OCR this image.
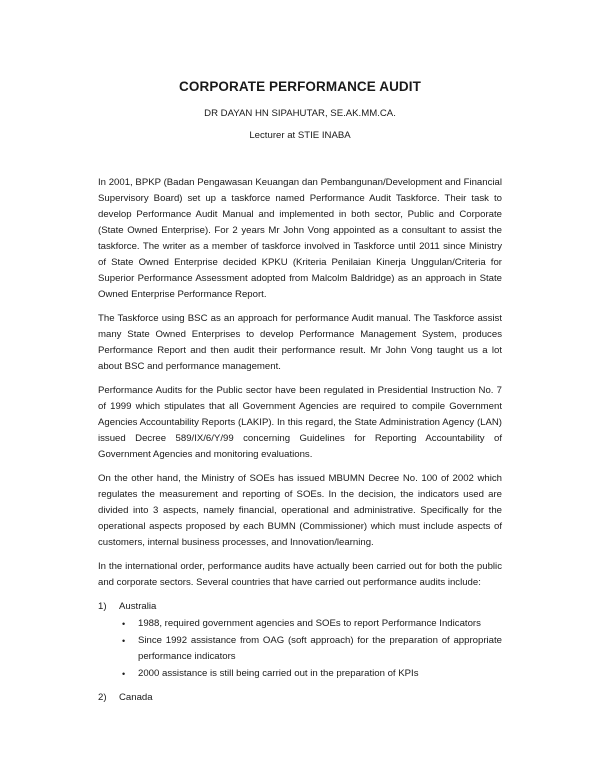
CORPORATE PERFORMANCE AUDIT
DR DAYAN HN SIPAHUTAR, SE.AK.MM.CA.
Lecturer at STIE INABA

In 2001, BPKP (Badan Pengawasan Keuangan dan Pembangunan/Development and Financial Supervisory Board) set up a taskforce named Performance Audit Taskforce. Their task to develop Performance Audit Manual and implemented in both sector, Public and Corporate (State Owned Enterprise). For 2 years Mr John Vong appointed as a consultant to assist the taskforce. The writer as a member of taskforce involved in Taskforce until 2011 since Ministry of State Owned Enterprise decided KPKU (Kriteria Penilaian Kinerja Unggulan/Criteria for Superior Performance Assessment adopted from Malcolm Baldridge) as an approach in State Owned Enterprise Performance Report.

The Taskforce using BSC as an approach for performance Audit manual. The Taskforce assist many State Owned Enterprises to develop Performance Management System, produces Performance Report and then audit their performance result. Mr John Vong taught us a lot about BSC and performance management.

Performance Audits for the Public sector have been regulated in Presidential Instruction No. 7 of 1999 which stipulates that all Government Agencies are required to compile Government Agencies Accountability Reports (LAKIP). In this regard, the State Administration Agency (LAN) issued Decree 589/IX/6/Y/99 concerning Guidelines for Reporting Accountability of Government Agencies and monitoring evaluations.

On the other hand, the Ministry of SOEs has issued MBUMN Decree No. 100 of 2002 which regulates the measurement and reporting of SOEs. In the decision, the indicators used are divided into 3 aspects, namely financial, operational and administrative. Specifically for the operational aspects proposed by each BUMN (Commissioner) which must include aspects of customers, internal business processes, and Innovation/learning.

In the international order, performance audits have actually been carried out for both the public and corporate sectors. Several countries that have carried out performance audits include:

1) Australia
• 1988, required government agencies and SOEs to report Performance Indicators
• Since 1992 assistance from OAG (soft approach) for the preparation of appropriate performance indicators
• 2000 assistance is still being carried out in the preparation of KPIs
2) Canada
